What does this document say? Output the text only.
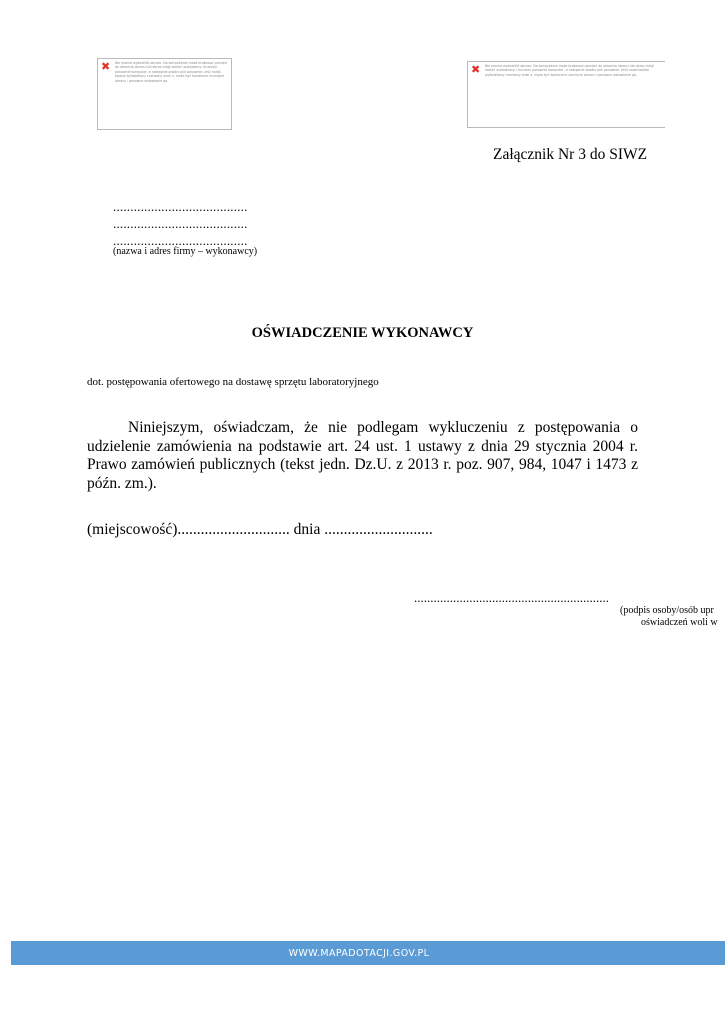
✖ Nie można wyświetlić obrazu. Na komputerze może brakować pamięci do otwarcia obrazu lub obraz mógł zostać uszkodzony. Uruchom ponownie komputer, a następnie otwórz plik ponownie. Jeśli nadal będzie wyświetlany czerwony znak x, może być konieczne usunięcie obrazu i ponowne wstawienie go.
✖ Nie można wyświetlić obrazu. Na komputerze może brakować pamięci do otwarcia obrazu lub obraz mógł zostać uszkodzony. Uruchom ponownie komputer, a następnie otwórz plik ponownie. Jeśli nadal będzie wyświetlany czerwony znak x, może być konieczne usunięcie obrazu i ponowne wstawienie go.
Załącznik Nr 3 do SIWZ
.......................................
.......................................
.......................................
(nazwa i adres firmy – wykonawcy)
OŚWIADCZENIE WYKONAWCY
dot. postępowania ofertowego na dostawę sprzętu laboratoryjnego
Niniejszym, oświadczam, że nie podlegam wykluczeniu z postępowania o udzielenie zamówienia na podstawie art. 24 ust. 1 ustawy z dnia 29 stycznia 2004 r. Prawo zamówień publicznych (tekst jedn. Dz.U. z 2013 r. poz. 907, 984, 1047 i 1473 z późn. zm.).
(miejscowość)............................. dnia ............................
............................................................
(podpis osoby/osób upr
oświadczeń woli w
WWW.MAPADOTACJI.GOV.PL
